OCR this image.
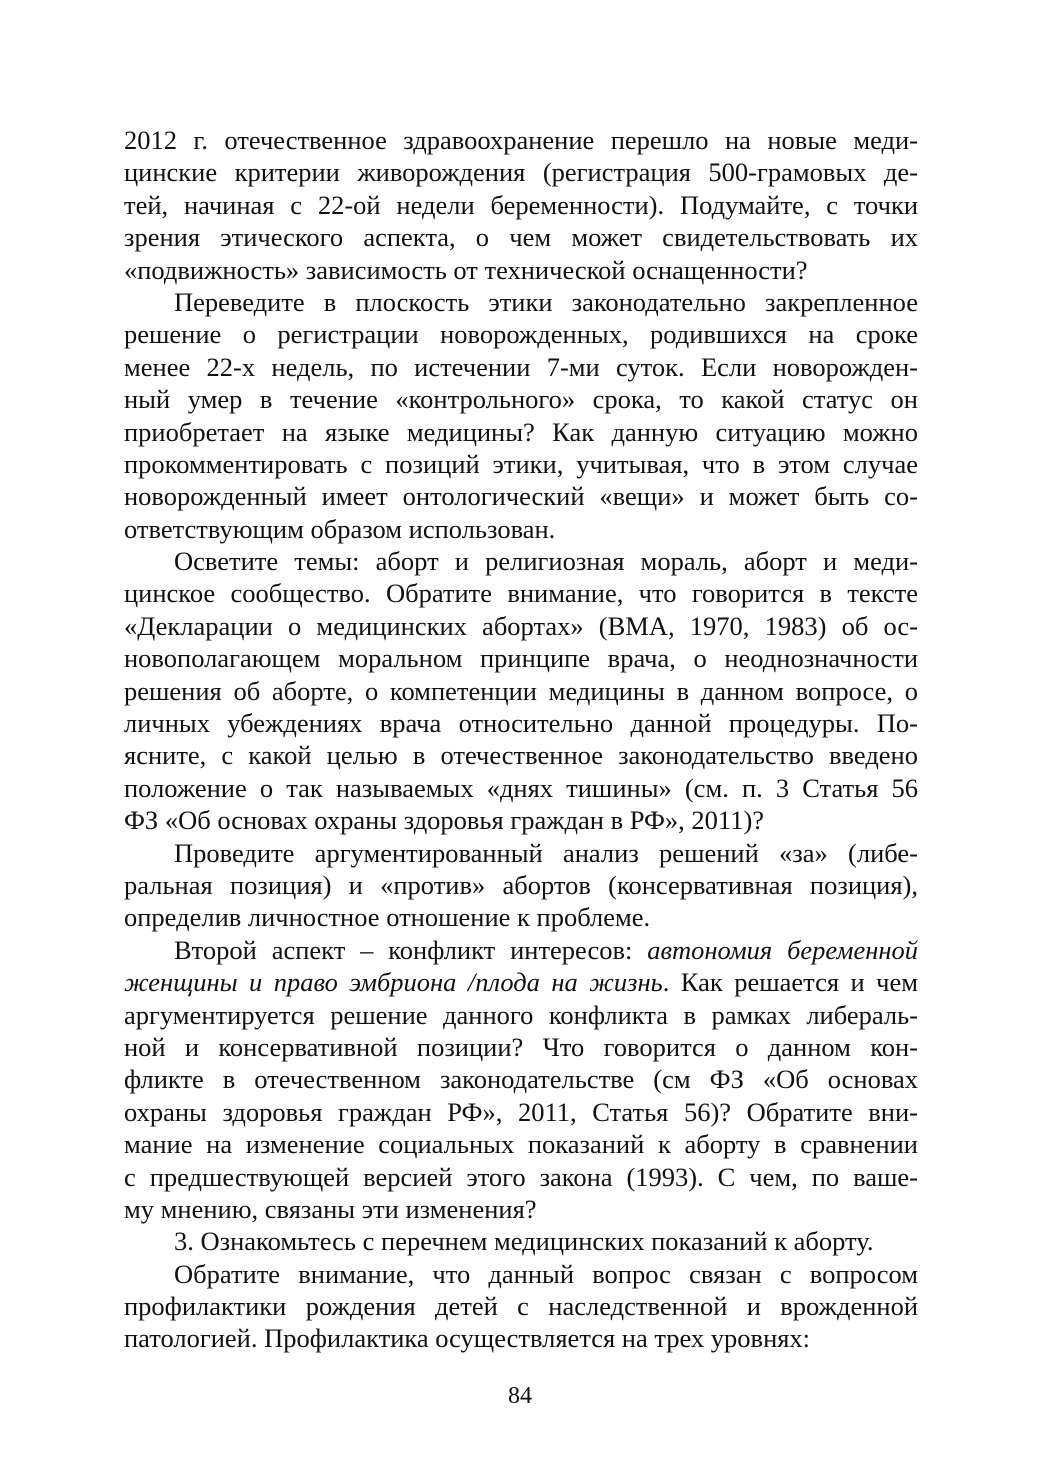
2012 г. отечественное здравоохранение перешло на новые меди-
цинские критерии живорождения (регистрация 500-грамовых де-
тей, начиная с 22-ой недели беременности). Подумайте, с точки
зрения этического аспекта, о чем может свидетельствовать их
«подвижность» зависимость от технической оснащенности?
Переведите в плоскость этики законодательно закрепленное
решение о регистрации новорожденных, родившихся на сроке
менее 22-х недель, по истечении 7-ми суток. Если новорожден-
ный умер в течение «контрольного» срока, то какой статус он
приобретает на языке медицины? Как данную ситуацию можно
прокомментировать с позиций этики, учитывая, что в этом случае
новорожденный имеет онтологический «вещи» и может быть со-
ответствующим образом использован.
Осветите темы: аборт и религиозная мораль, аборт и меди-
цинское сообщество. Обратите внимание, что говорится в тексте
«Декларации о медицинских абортах» (ВМА, 1970, 1983) об ос-
новополагающем моральном принципе врача, о неоднозначности
решения об аборте, о компетенции медицины в данном вопросе, о
личных убеждениях врача относительно данной процедуры. По-
ясните, с какой целью в отечественное законодательство введено
положение о так называемых «днях тишины» (см. п. 3 Статья 56
ФЗ «Об основах охраны здоровья граждан в РФ», 2011)?
Проведите аргументированный анализ решений «за» (либе-
ральная позиция) и «против» абортов (консервативная позиция),
определив личностное отношение к проблеме.
Второй аспект – конфликт интересов: автономия беременной
женщины и право эмбриона /плода на жизнь. Как решается и чем
аргументируется решение данного конфликта в рамках либераль-
ной и консервативной позиции? Что говорится о данном кон-
фликте в отечественном законодательстве (см ФЗ «Об основах
охраны здоровья граждан РФ», 2011, Статья 56)? Обратите вни-
мание на изменение социальных показаний к аборту в сравнении
с предшествующей версией этого закона (1993). С чем, по ваше-
му мнению, связаны эти изменения?
3. Ознакомьтесь с перечнем медицинских показаний к аборту.
Обратите внимание, что данный вопрос связан с вопросом
профилактики рождения детей с наследственной и врожденной
патологией. Профилактика осуществляется на трех уровнях:
84
